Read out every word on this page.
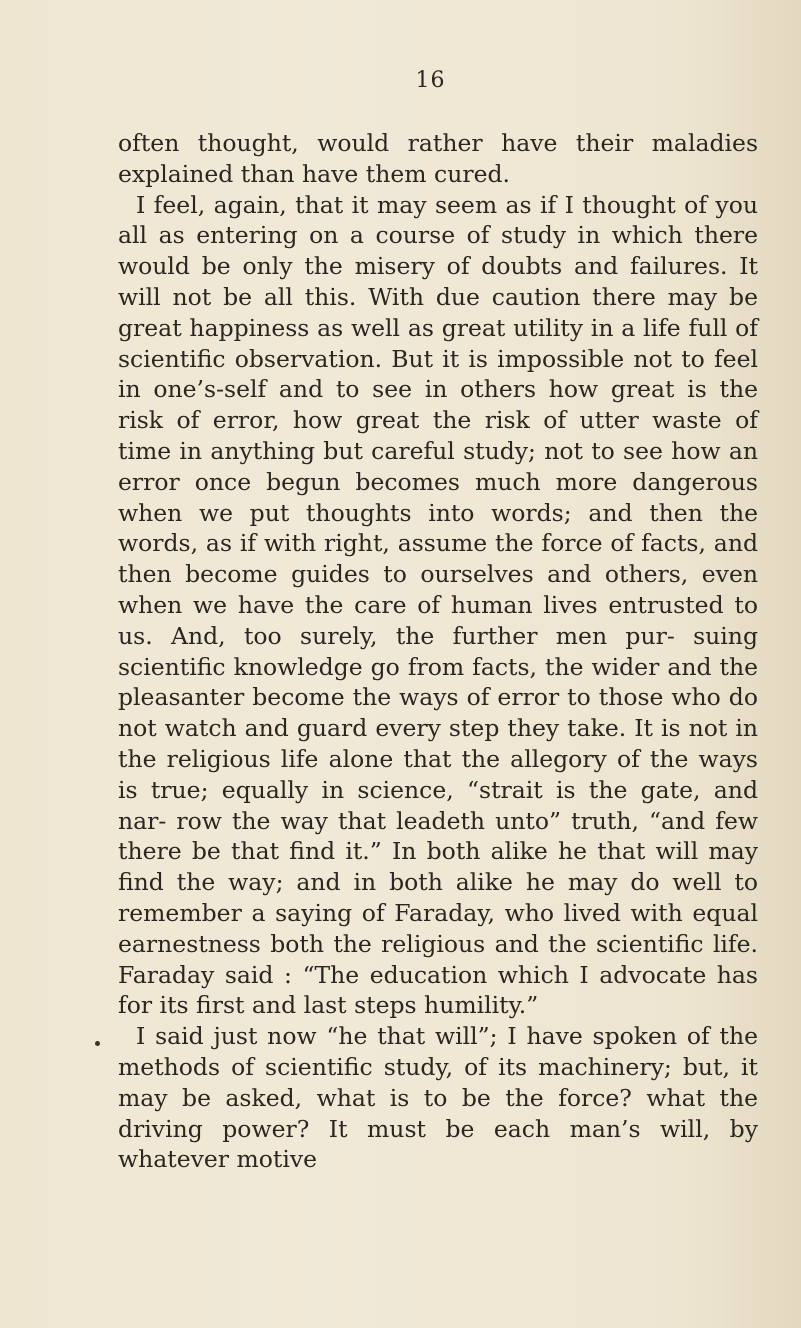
16

often thought, would rather have their maladies explained than have them cured.

I feel, again, that it may seem as if I thought of you all as entering on a course of study in which there would be only the misery of doubts and failures. It will not be all this. With due caution there may be great happiness as well as great utility in a life full of scientific observation. But it is impossible not to feel in one’s-self and to see in others how great is the risk of error, how great the risk of utter waste of time in anything but careful study; not to see how an error once begun becomes much more dangerous when we put thoughts into words; and then the words, as if with right, assume the force of facts, and then become guides to ourselves and others, even when we have the care of human lives entrusted to us. And, too surely, the further men pur- suing scientific knowledge go from facts, the wider and the pleasanter become the ways of error to those who do not watch and guard every step they take. It is not in the religious life alone that the allegory of the ways is true; equally in science, “strait is the gate, and nar- row the way that leadeth unto” truth, “and few there be that find it.” In both alike he that will may find the way; and in both alike he may do well to remember a saying of Faraday, who lived with equal earnestness both the religious and the scientific life. Faraday said : “The education which I advocate has for its first and last steps humility.”

I said just now “he that will”; I have spoken of the methods of scientific study, of its machinery; but, it may be asked, what is to be the force? what the driving power? It must be each man’s will, by whatever motive
